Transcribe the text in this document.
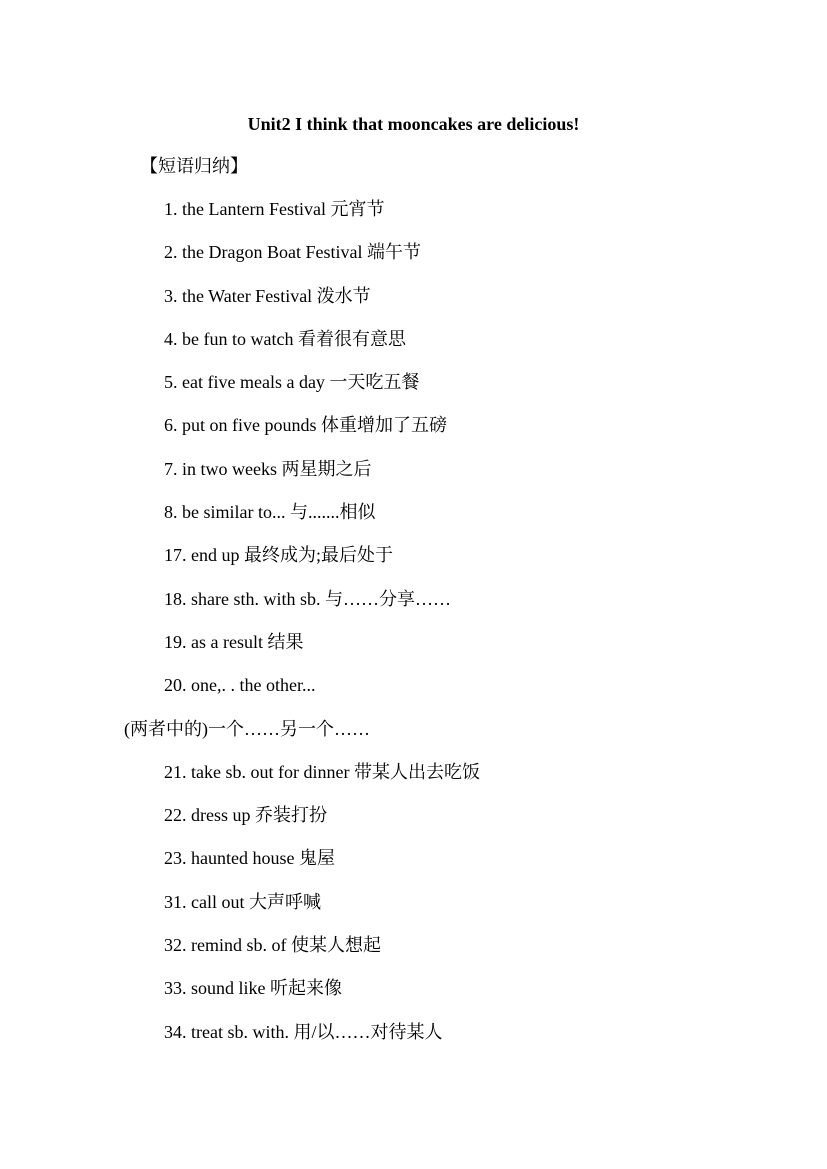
Unit2 I think that mooncakes are delicious!
【短语归纳】
1. the Lantern Festival 元宵节
2. the Dragon Boat Festival 端午节
3. the Water Festival 泼水节
4. be fun to watch 看着很有意思
5. eat five meals a day 一天吃五餐
6. put on five pounds 体重增加了五磅
7. in two weeks 两星期之后
8. be similar to... 与.......相似
17. end up 最终成为;最后处于
18. share sth. with sb. 与……分享……
19. as a result 结果
20. one,. . the other...
(两者中的)一个……另一个……
21. take sb. out for dinner 带某人出去吃饭
22. dress up 乔装打扮
23. haunted house 鬼屋
31. call out 大声呼喊
32. remind sb. of 使某人想起
33. sound like 听起来像
34. treat sb. with. 用/以……对待某人
